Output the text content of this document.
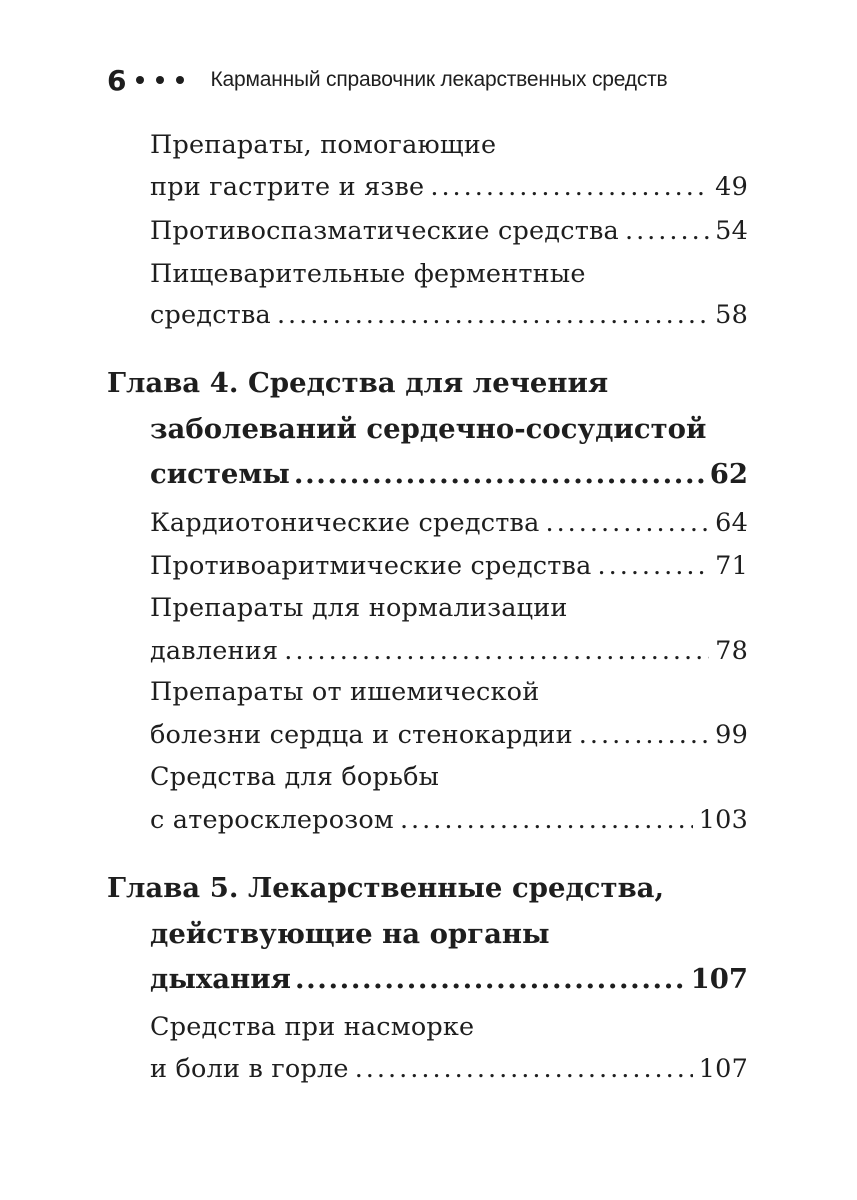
6	Карманный справочник лекарственных средств
Препараты, помогающие
при гастрите и язве .....	49
Противоспазматические средства .....	54
Пищеварительные ферментные
средства .....	58
Глава 4. Средства для лечения
заболеваний сердечно-сосудистой
системы .....	62
Кардиотонические средства .....	64
Противоаритмические средства .....	71
Препараты для нормализации
давления .....	78
Препараты от ишемической
болезни сердца и стенокардии .....	99
Средства для борьбы
с атеросклерозом .....	103
Глава 5. Лекарственные средства,
действующие на органы
дыхания .....	107
Средства при насморке
и боли в горле .....	107
